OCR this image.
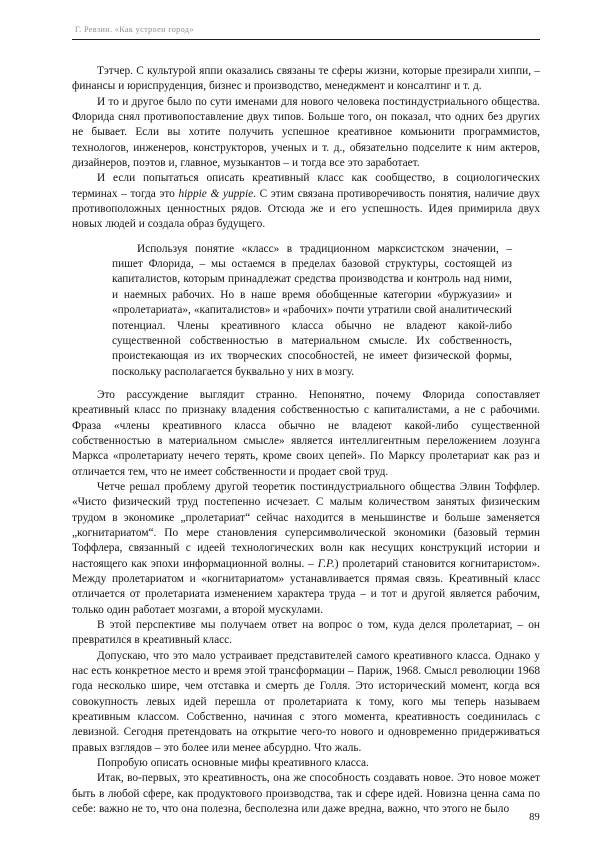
Г. Ревзин. «Как устроен город»

Тэтчер. С культурой яппи оказались связаны те сферы жизни, которые презирали хиппи, – финансы и юриспруденция, бизнес и производство, менеджмент и консалтинг и т. д.

И то и другое было по сути именами для нового человека постиндустриального общества. Флорида снял противопоставление двух типов. Больше того, он показал, что одних без других не бывает. Если вы хотите получить успешное креативное комьюнити программистов, технологов, инженеров, конструкторов, ученых и т. д., обязательно подселите к ним актеров, дизайнеров, поэтов и, главное, музыкантов – и тогда все это заработает.

И если попытаться описать креативный класс как сообщество, в социологических терминах – тогда это hippie & yuppie. С этим связана противоречивость понятия, наличие двух противоположных ценностных рядов. Отсюда же и его успешность. Идея примирила двух новых людей и создала образ будущего.

Используя понятие «класс» в традиционном марксистском значении, – пишет Флорида, – мы остаемся в пределах базовой структуры, состоящей из капиталистов, которым принадлежат средства производства и контроль над ними, и наемных рабочих. Но в наше время обобщенные категории «буржуазии» и «пролетариата», «капиталистов» и «рабочих» почти утратили свой аналитический потенциал. Члены креативного класса обычно не владеют какой-либо существенной собственностью в материальном смысле. Их собственность, проистекающая из их творческих способностей, не имеет физической формы, поскольку располагается буквально у них в мозгу.

Это рассуждение выглядит странно. Непонятно, почему Флорида сопоставляет креативный класс по признаку владения собственностью с капиталистами, а не с рабочими. Фраза «члены креативного класса обычно не владеют какой-либо существенной собственностью в материальном смысле» является интеллигентным переложением лозунга Маркса «пролетариату нечего терять, кроме своих цепей». По Марксу пролетариат как раз и отличается тем, что не имеет собственности и продает свой труд.

Четче решал проблему другой теоретик постиндустриального общества Элвин Тоффлер. «Чисто физический труд постепенно исчезает. С малым количеством занятых физическим трудом в экономике „пролетариат“ сейчас находится в меньшинстве и больше заменяется „когнитариатом“. По мере становления суперсимволической экономики (базовый термин Тоффлера, связанный с идеей технологических волн как несущих конструкций истории и настоящего как эпохи информационной волны. – Г.Р.) пролетарий становится когнитаристом». Между пролетариатом и «когнитариатом» устанавливается прямая связь. Креативный класс отличается от пролетариата изменением характера труда – и тот и другой является рабочим, только один работает мозгами, а второй мускулами.

В этой перспективе мы получаем ответ на вопрос о том, куда делся пролетариат, – он превратился в креативный класс.

Допускаю, что это мало устраивает представителей самого креативного класса. Однако у нас есть конкретное место и время этой трансформации – Париж, 1968. Смысл революции 1968 года несколько шире, чем отставка и смерть де Голля. Это исторический момент, когда вся совокупность левых идей перешла от пролетариата к тому, кого мы теперь называем креативным классом. Собственно, начиная с этого момента, креативность соединилась с левизной. Сегодня претендовать на открытие чего-то нового и одновременно придерживаться правых взглядов – это более или менее абсурдно. Что жаль.

Попробую описать основные мифы креативного класса.

Итак, во-первых, это креативность, она же способность создавать новое. Это новое может быть в любой сфере, как продуктового производства, так и сфере идей. Новизна ценна сама по себе: важно не то, что она полезна, бесполезна или даже вредна, важно, что этого не было

89
